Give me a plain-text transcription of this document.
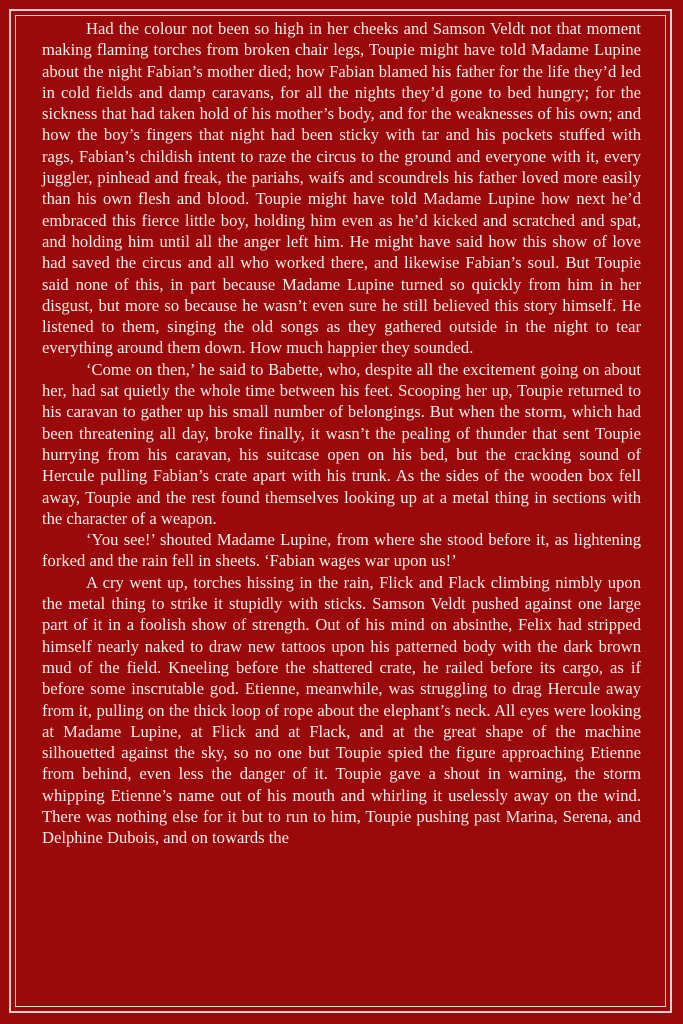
Had the colour not been so high in her cheeks and Samson Veldt not that moment making flaming torches from broken chair legs, Toupie might have told Madame Lupine about the night Fabian’s mother died; how Fabian blamed his father for the life they’d led in cold fields and damp caravans, for all the nights they’d gone to bed hungry; for the sickness that had taken hold of his mother’s body, and for the weaknesses of his own; and how the boy’s fingers that night had been sticky with tar and his pockets stuffed with rags, Fabian’s childish intent to raze the circus to the ground and everyone with it, every juggler, pinhead and freak, the pariahs, waifs and scoundrels his father loved more easily than his own flesh and blood. Toupie might have told Madame Lupine how next he’d embraced this fierce little boy, holding him even as he’d kicked and scratched and spat, and holding him until all the anger left him. He might have said how this show of love had saved the circus and all who worked there, and likewise Fabian’s soul. But Toupie said none of this, in part because Madame Lupine turned so quickly from him in her disgust, but more so because he wasn’t even sure he still believed this story himself. He listened to them, singing the old songs as they gathered outside in the night to tear everything around them down. How much happier they sounded.

‘Come on then,’ he said to Babette, who, despite all the excitement going on about her, had sat quietly the whole time between his feet. Scooping her up, Toupie returned to his caravan to gather up his small number of belongings. But when the storm, which had been threatening all day, broke finally, it wasn’t the pealing of thunder that sent Toupie hurrying from his caravan, his suitcase open on his bed, but the cracking sound of Hercule pulling Fabian’s crate apart with his trunk. As the sides of the wooden box fell away, Toupie and the rest found themselves looking up at a metal thing in sections with the character of a weapon.

‘You see!’ shouted Madame Lupine, from where she stood before it, as lightening forked and the rain fell in sheets. ‘Fabian wages war upon us!’

A cry went up, torches hissing in the rain, Flick and Flack climbing nimbly upon the metal thing to strike it stupidly with sticks. Samson Veldt pushed against one large part of it in a foolish show of strength. Out of his mind on absinthe, Felix had stripped himself nearly naked to draw new tattoos upon his patterned body with the dark brown mud of the field. Kneeling before the shattered crate, he railed before its cargo, as if before some inscrutable god. Etienne, meanwhile, was struggling to drag Hercule away from it, pulling on the thick loop of rope about the elephant’s neck. All eyes were looking at Madame Lupine, at Flick and at Flack, and at the great shape of the machine silhouetted against the sky, so no one but Toupie spied the figure approaching Etienne from behind, even less the danger of it. Toupie gave a shout in warning, the storm whipping Etienne’s name out of his mouth and whirling it uselessly away on the wind. There was nothing else for it but to run to him, Toupie pushing past Marina, Serena, and Delphine Dubois, and on towards the
